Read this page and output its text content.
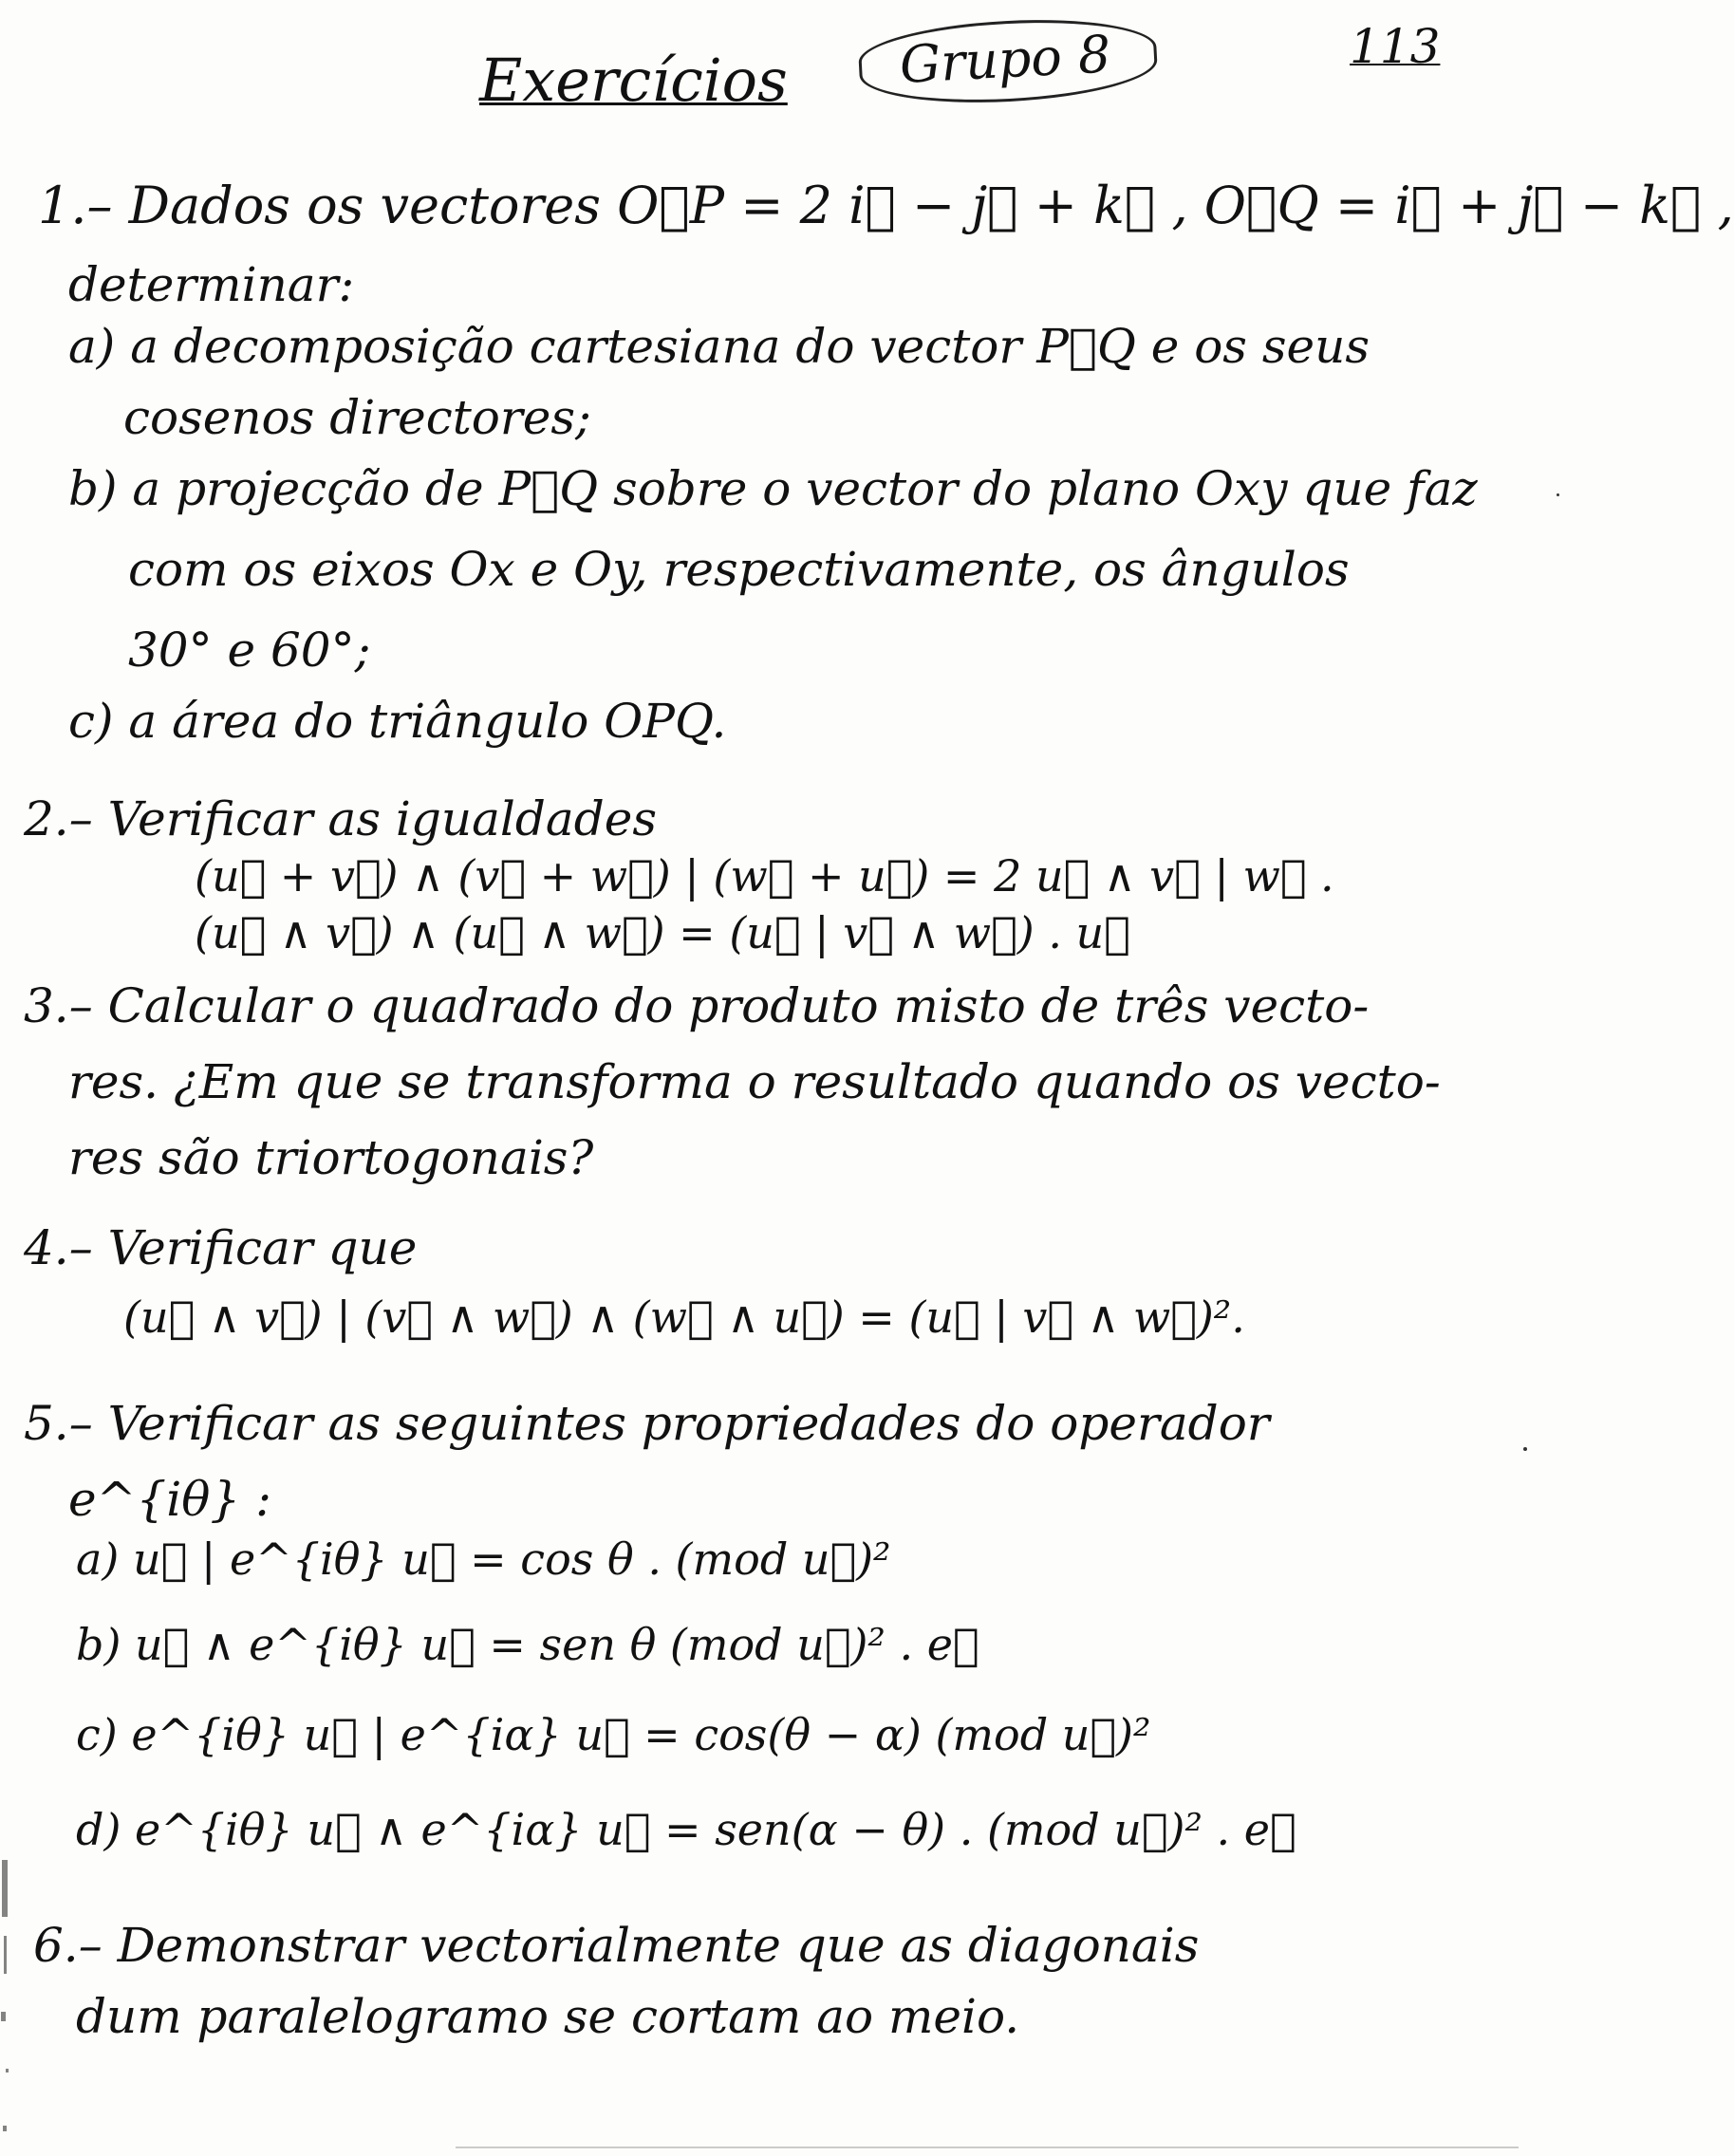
Exercícios	Grupo 8	113
1.– Dados os vectores O⃗P = 2 i⃗ − j⃗ + k⃗ , O⃗Q = i⃗ + j⃗ − k⃗ ,
determinar:
a) a decomposição cartesiana do vector P⃗Q e os seus
cosenos directores;
b) a projecção de P⃗Q sobre o vector do plano Oxy que faz
com os eixos Ox e Oy, respectivamente, os ângulos
30° e 60°;
c) a área do triângulo OPQ.
2.– Verificar as igualdades
(u⃗ + v⃗) ∧ (v⃗ + w⃗) | (w⃗ + u⃗) = 2 u⃗ ∧ v⃗ | w⃗ .
(u⃗ ∧ v⃗) ∧ (u⃗ ∧ w⃗) = (u⃗ | v⃗ ∧ w⃗) . u⃗
3.– Calcular o quadrado do produto misto de três vecto-
res. ¿Em que se transforma o resultado quando os vecto-
res são triortogonais?
4.– Verificar que
(u⃗ ∧ v⃗) | (v⃗ ∧ w⃗) ∧ (w⃗ ∧ u⃗) = (u⃗ | v⃗ ∧ w⃗)².
5.– Verificar as seguintes propriedades do operador
e^{iθ} :
a) u⃗ | e^{iθ} u⃗ = cos θ . (mod u⃗)²
b) u⃗ ∧ e^{iθ} u⃗ = sen θ (mod u⃗)² . e⃗
c) e^{iθ} u⃗ | e^{iα} u⃗ = cos(θ − α) (mod u⃗)²
d) e^{iθ} u⃗ ∧ e^{iα} u⃗ = sen(α − θ) . (mod u⃗)² . e⃗
6.– Demonstrar vectorialmente que as diagonais
dum paralelogramo se cortam ao meio.
